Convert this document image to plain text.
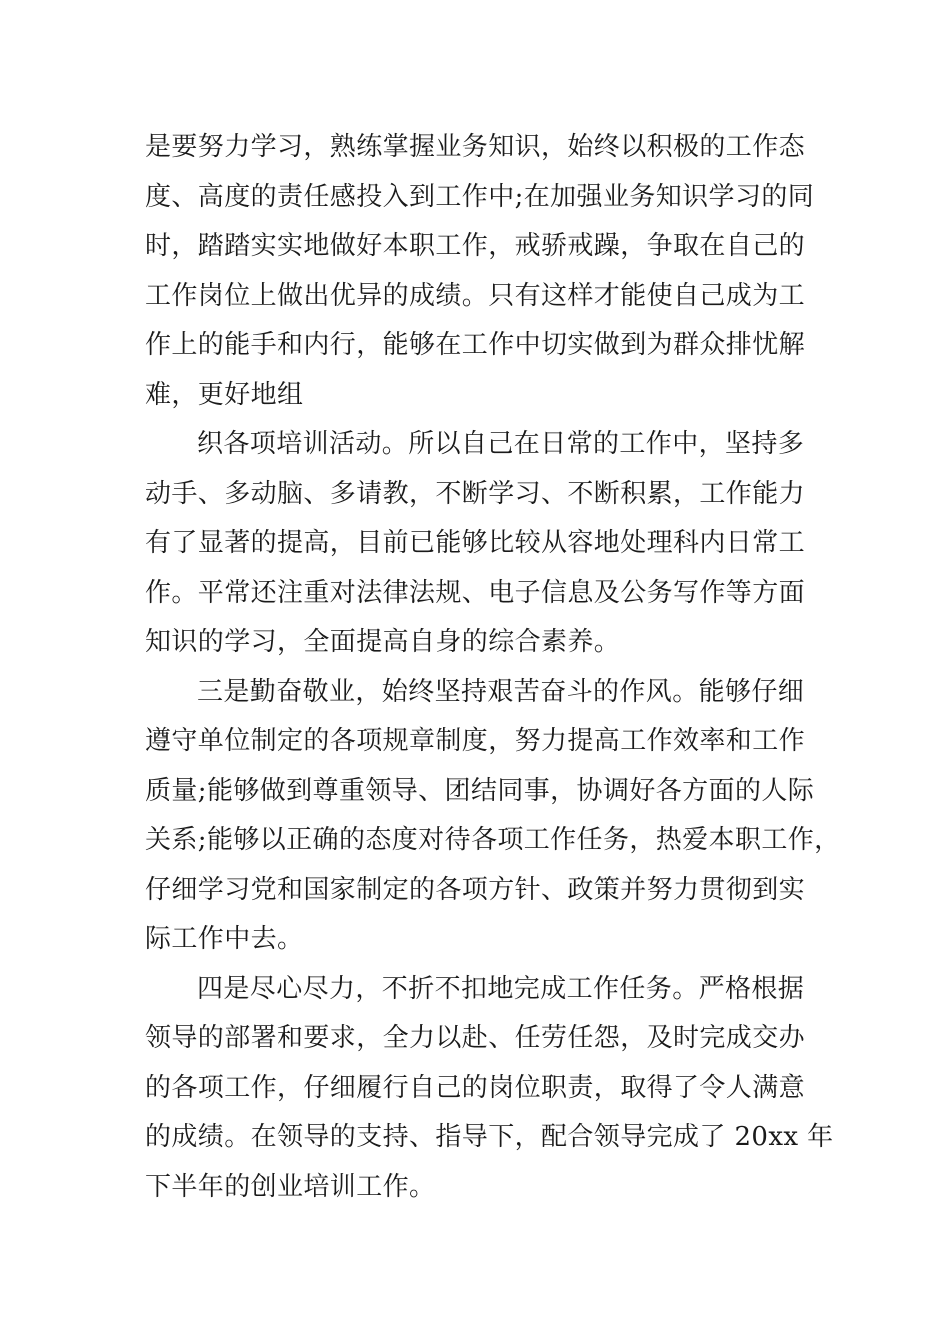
是要努力学习，熟练掌握业务知识，始终以积极的工作态
度、高度的责任感投入到工作中;在加强业务知识学习的同
时，踏踏实实地做好本职工作，戒骄戒躁，争取在自己的
工作岗位上做出优异的成绩。只有这样才能使自己成为工
作上的能手和内行，能够在工作中切实做到为群众排忧解
难，更好地组
织各项培训活动。所以自己在日常的工作中，坚持多
动手、多动脑、多请教，不断学习、不断积累，工作能力
有了显著的提高，目前已能够比较从容地处理科内日常工
作。平常还注重对法律法规、电子信息及公务写作等方面
知识的学习，全面提高自身的综合素养。
三是勤奋敬业，始终坚持艰苦奋斗的作风。能够仔细
遵守单位制定的各项规章制度，努力提高工作效率和工作
质量;能够做到尊重领导、团结同事，协调好各方面的人际
关系;能够以正确的态度对待各项工作任务，热爱本职工作，
仔细学习党和国家制定的各项方针、政策并努力贯彻到实
际工作中去。
四是尽心尽力，不折不扣地完成工作任务。严格根据
领导的部署和要求，全力以赴、任劳任怨，及时完成交办
的各项工作，仔细履行自己的岗位职责，取得了令人满意
的成绩。在领导的支持、指导下，配合领导完成了 20xx 年
下半年的创业培训工作。
